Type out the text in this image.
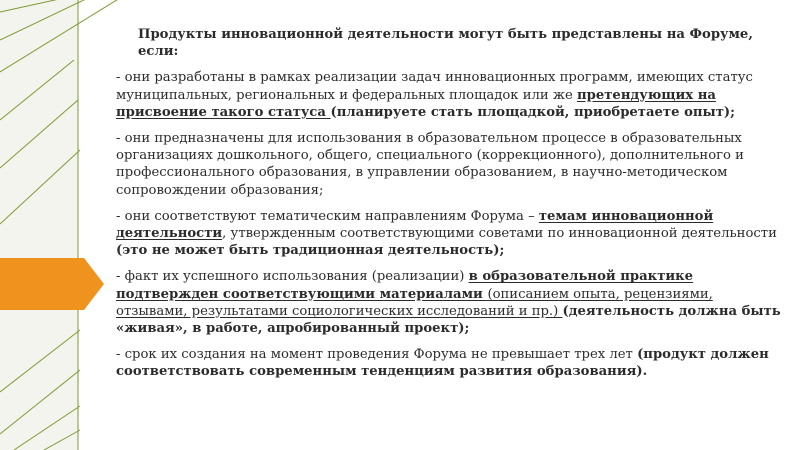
Продукты инновационной деятельности могут быть представлены на Форуме, если:

- они разработаны в рамках реализации задач инновационных программ, имеющих статус муниципальных, региональных и федеральных площадок или же претендующих на присвоение такого статуса (планируете стать площадкой, приобретаете опыт);

- они предназначены для использования в образовательном процессе в образовательных организациях дошкольного, общего, специального (коррекционного), дополнительного и профессионального образования, в управлении образованием, в научно-методическом сопровождении образования;

- они соответствуют тематическим направлениям Форума – темам инновационной деятельности, утвержденным соответствующими советами по инновационной деятельности (это не может быть традиционная деятельность);

- факт их успешного использования (реализации) в образовательной практике подтвержден соответствующими материалами (описанием опыта, рецензиями, отзывами, результатами социологических исследований и пр.) (деятельность должна быть «живая», в работе, апробированный проект);

- срок их создания на момент проведения Форума не превышает трех лет (продукт должен соответствовать современным тенденциям развития образования).
